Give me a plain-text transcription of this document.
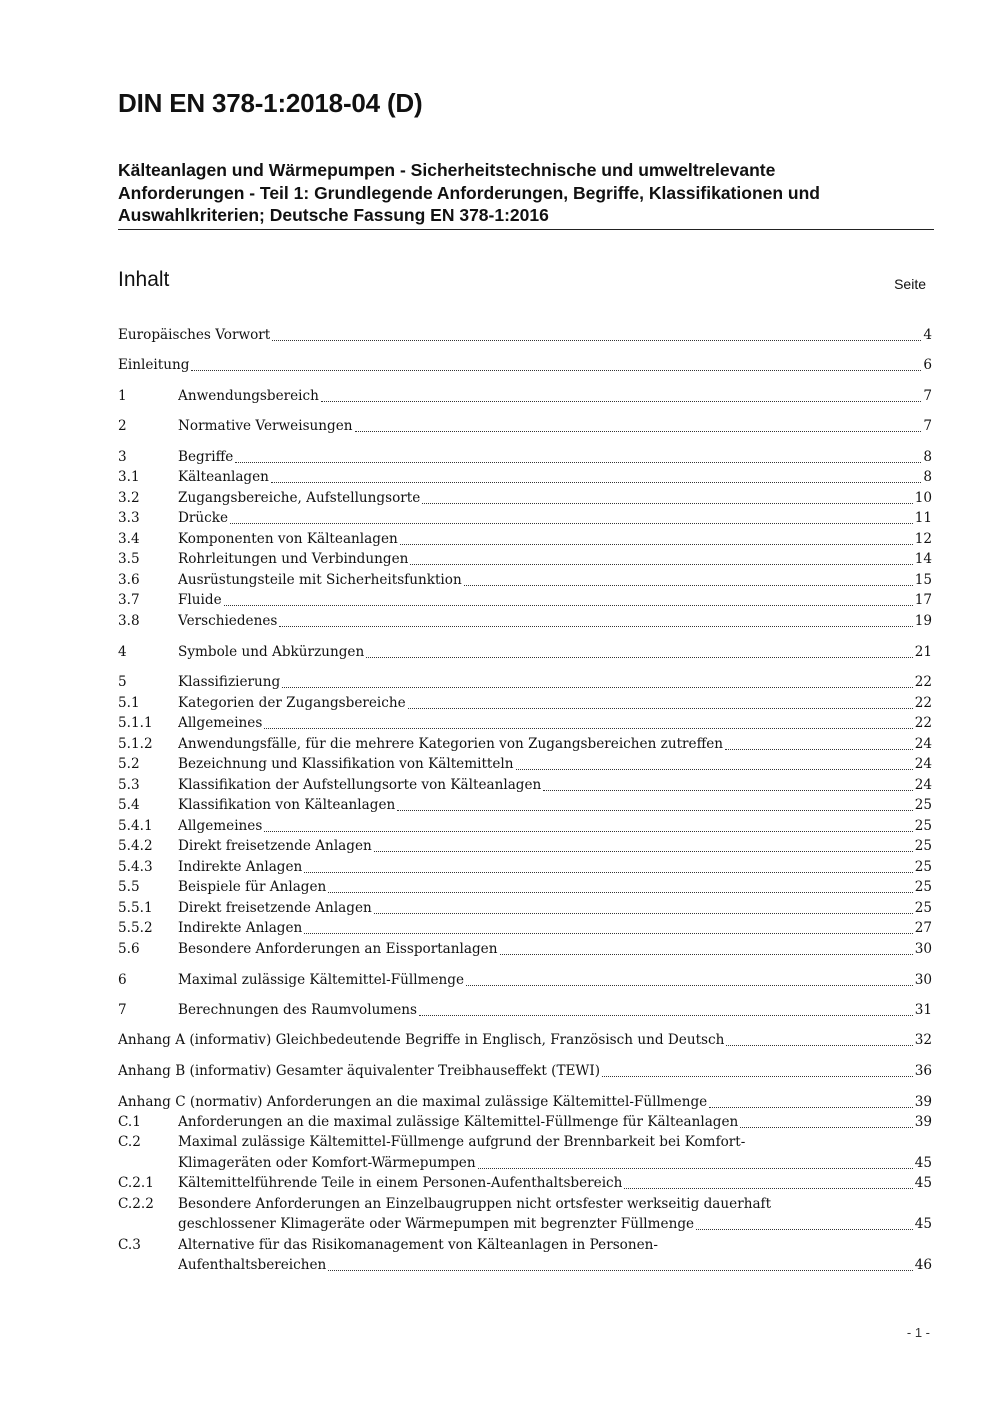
DIN EN 378-1:2018-04 (D)
Kälteanlagen und Wärmepumpen - Sicherheitstechnische und umweltrelevante
Anforderungen - Teil 1: Grundlegende Anforderungen, Begriffe, Klassifikationen und
Auswahlkriterien; Deutsche Fassung EN 378-1:2016
Inhalt	Seite
Europäisches Vorwort	4
Einleitung	6
1	Anwendungsbereich	7
2	Normative Verweisungen	7
3	Begriffe	8
3.1	Kälteanlagen	8
3.2	Zugangsbereiche, Aufstellungsorte	10
3.3	Drücke	11
3.4	Komponenten von Kälteanlagen	12
3.5	Rohrleitungen und Verbindungen	14
3.6	Ausrüstungsteile mit Sicherheitsfunktion	15
3.7	Fluide	17
3.8	Verschiedenes	19
4	Symbole und Abkürzungen	21
5	Klassifizierung	22
5.1	Kategorien der Zugangsbereiche	22
5.1.1	Allgemeines	22
5.1.2	Anwendungsfälle, für die mehrere Kategorien von Zugangsbereichen zutreffen	24
5.2	Bezeichnung und Klassifikation von Kältemitteln	24
5.3	Klassifikation der Aufstellungsorte von Kälteanlagen	24
5.4	Klassifikation von Kälteanlagen	25
5.4.1	Allgemeines	25
5.4.2	Direkt freisetzende Anlagen	25
5.4.3	Indirekte Anlagen	25
5.5	Beispiele für Anlagen	25
5.5.1	Direkt freisetzende Anlagen	25
5.5.2	Indirekte Anlagen	27
5.6	Besondere Anforderungen an Eissportanlagen	30
6	Maximal zulässige Kältemittel-Füllmenge	30
7	Berechnungen des Raumvolumens	31
Anhang A (informativ) Gleichbedeutende Begriffe in Englisch, Französisch und Deutsch	32
Anhang B (informativ) Gesamter äquivalenter Treibhauseffekt (TEWI)	36
Anhang C (normativ) Anforderungen an die maximal zulässige Kältemittel-Füllmenge	39
C.1	Anforderungen an die maximal zulässige Kältemittel-Füllmenge für Kälteanlagen	39
C.2	Maximal zulässige Kältemittel-Füllmenge aufgrund der Brennbarkeit bei Komfort-
Klimageräten oder Komfort-Wärmepumpen	45
C.2.1	Kältemittelführende Teile in einem Personen-Aufenthaltsbereich	45
C.2.2	Besondere Anforderungen an Einzelbaugruppen nicht ortsfester werkseitig dauerhaft
geschlossener Klimageräte oder Wärmepumpen mit begrenzter Füllmenge	45
C.3	Alternative für das Risikomanagement von Kälteanlagen in Personen-
Aufenthaltsbereichen	46
- 1 -
